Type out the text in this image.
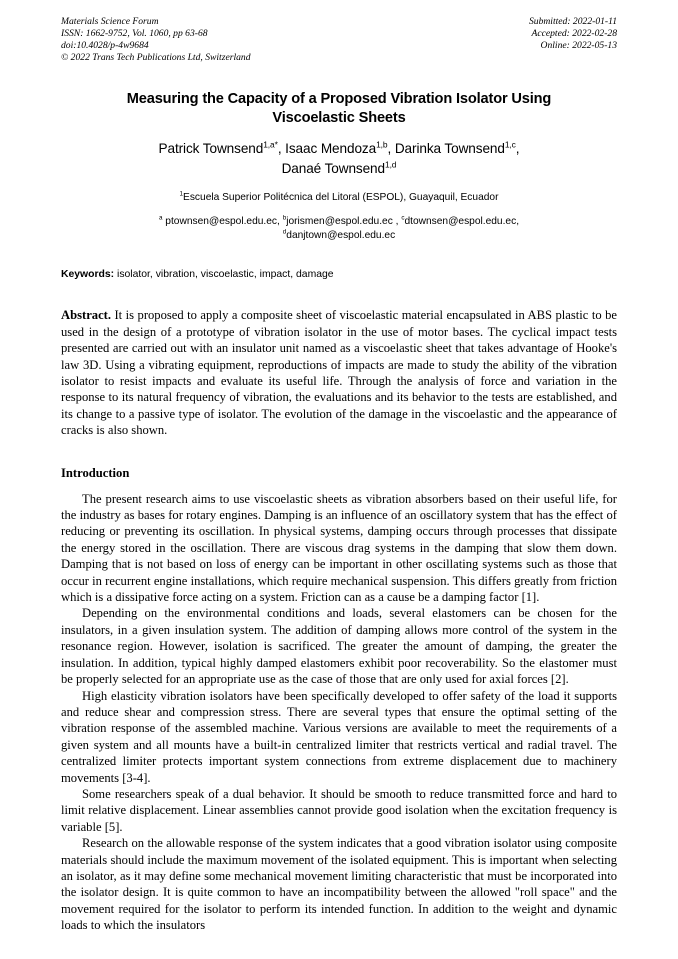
Materials Science Forum
ISSN: 1662-9752, Vol. 1060, pp 63-68
doi:10.4028/p-4w9684
© 2022 Trans Tech Publications Ltd, Switzerland
Submitted: 2022-01-11
Accepted: 2022-02-28
Online: 2022-05-13
Measuring the Capacity of a Proposed Vibration Isolator Using
Viscoelastic Sheets
Patrick Townsend$^{1,a*}$, Isaac Mendoza$^{1,b}$, Darinka Townsend$^{1,c}$,
Danaé Townsend$^{1,d}$
$^1$Escuela Superior Politécnica del Litoral (ESPOL), Guayaquil, Ecuador
$^a$ ptownsen@espol.edu.ec, $^b$jorismen@espol.edu.ec , $^c$dtownsen@espol.edu.ec,
$^d$danjtown@espol.edu.ec
Keywords: isolator, vibration, viscoelastic, impact, damage
Abstract. It is proposed to apply a composite sheet of viscoelastic material encapsulated in ABS plastic to be used in the design of a prototype of vibration isolator in the use of motor bases. The cyclical impact tests presented are carried out with an insulator unit named as a viscoelastic sheet that takes advantage of Hooke's law 3D. Using a vibrating equipment, reproductions of impacts are made to study the ability of the vibration isolator to resist impacts and evaluate its useful life. Through the analysis of force and variation in the response to its natural frequency of vibration, the evaluations and its behavior to the tests are established, and its change to a passive type of isolator. The evolution of the damage in the viscoelastic and the appearance of cracks is also shown.
Introduction

The present research aims to use viscoelastic sheets as vibration absorbers based on their useful life, for the industry as bases for rotary engines. Damping is an influence of an oscillatory system that has the effect of reducing or preventing its oscillation. In physical systems, damping occurs through processes that dissipate the energy stored in the oscillation. There are viscous drag systems in the damping that slow them down. Damping that is not based on loss of energy can be important in other oscillating systems such as those that occur in recurrent engine installations, which require mechanical suspension. This differs greatly from friction which is a dissipative force acting on a system. Friction can as a cause be a damping factor [1].

Depending on the environmental conditions and loads, several elastomers can be chosen for the insulators, in a given insulation system. The addition of damping allows more control of the system in the resonance region. However, isolation is sacrificed. The greater the amount of damping, the greater the insulation. In addition, typical highly damped elastomers exhibit poor recoverability. So the elastomer must be properly selected for an appropriate use as the case of those that are only used for axial forces [2].

High elasticity vibration isolators have been specifically developed to offer safety of the load it supports and reduce shear and compression stress. There are several types that ensure the optimal setting of the vibration response of the assembled machine. Various versions are available to meet the requirements of a given system and all mounts have a built-in centralized limiter that restricts vertical and radial travel. The centralized limiter protects important system connections from extreme displacement due to machinery movements [3-4].

Some researchers speak of a dual behavior. It should be smooth to reduce transmitted force and hard to limit relative displacement. Linear assemblies cannot provide good isolation when the excitation frequency is variable [5].

Research on the allowable response of the system indicates that a good vibration isolator using composite materials should include the maximum movement of the isolated equipment. This is important when selecting an isolator, as it may define some mechanical movement limiting characteristic that must be incorporated into the isolator design. It is quite common to have an incompatibility between the allowed "roll space" and the movement required for the isolator to perform its intended function. In addition to the weight and dynamic loads to which the insulators
